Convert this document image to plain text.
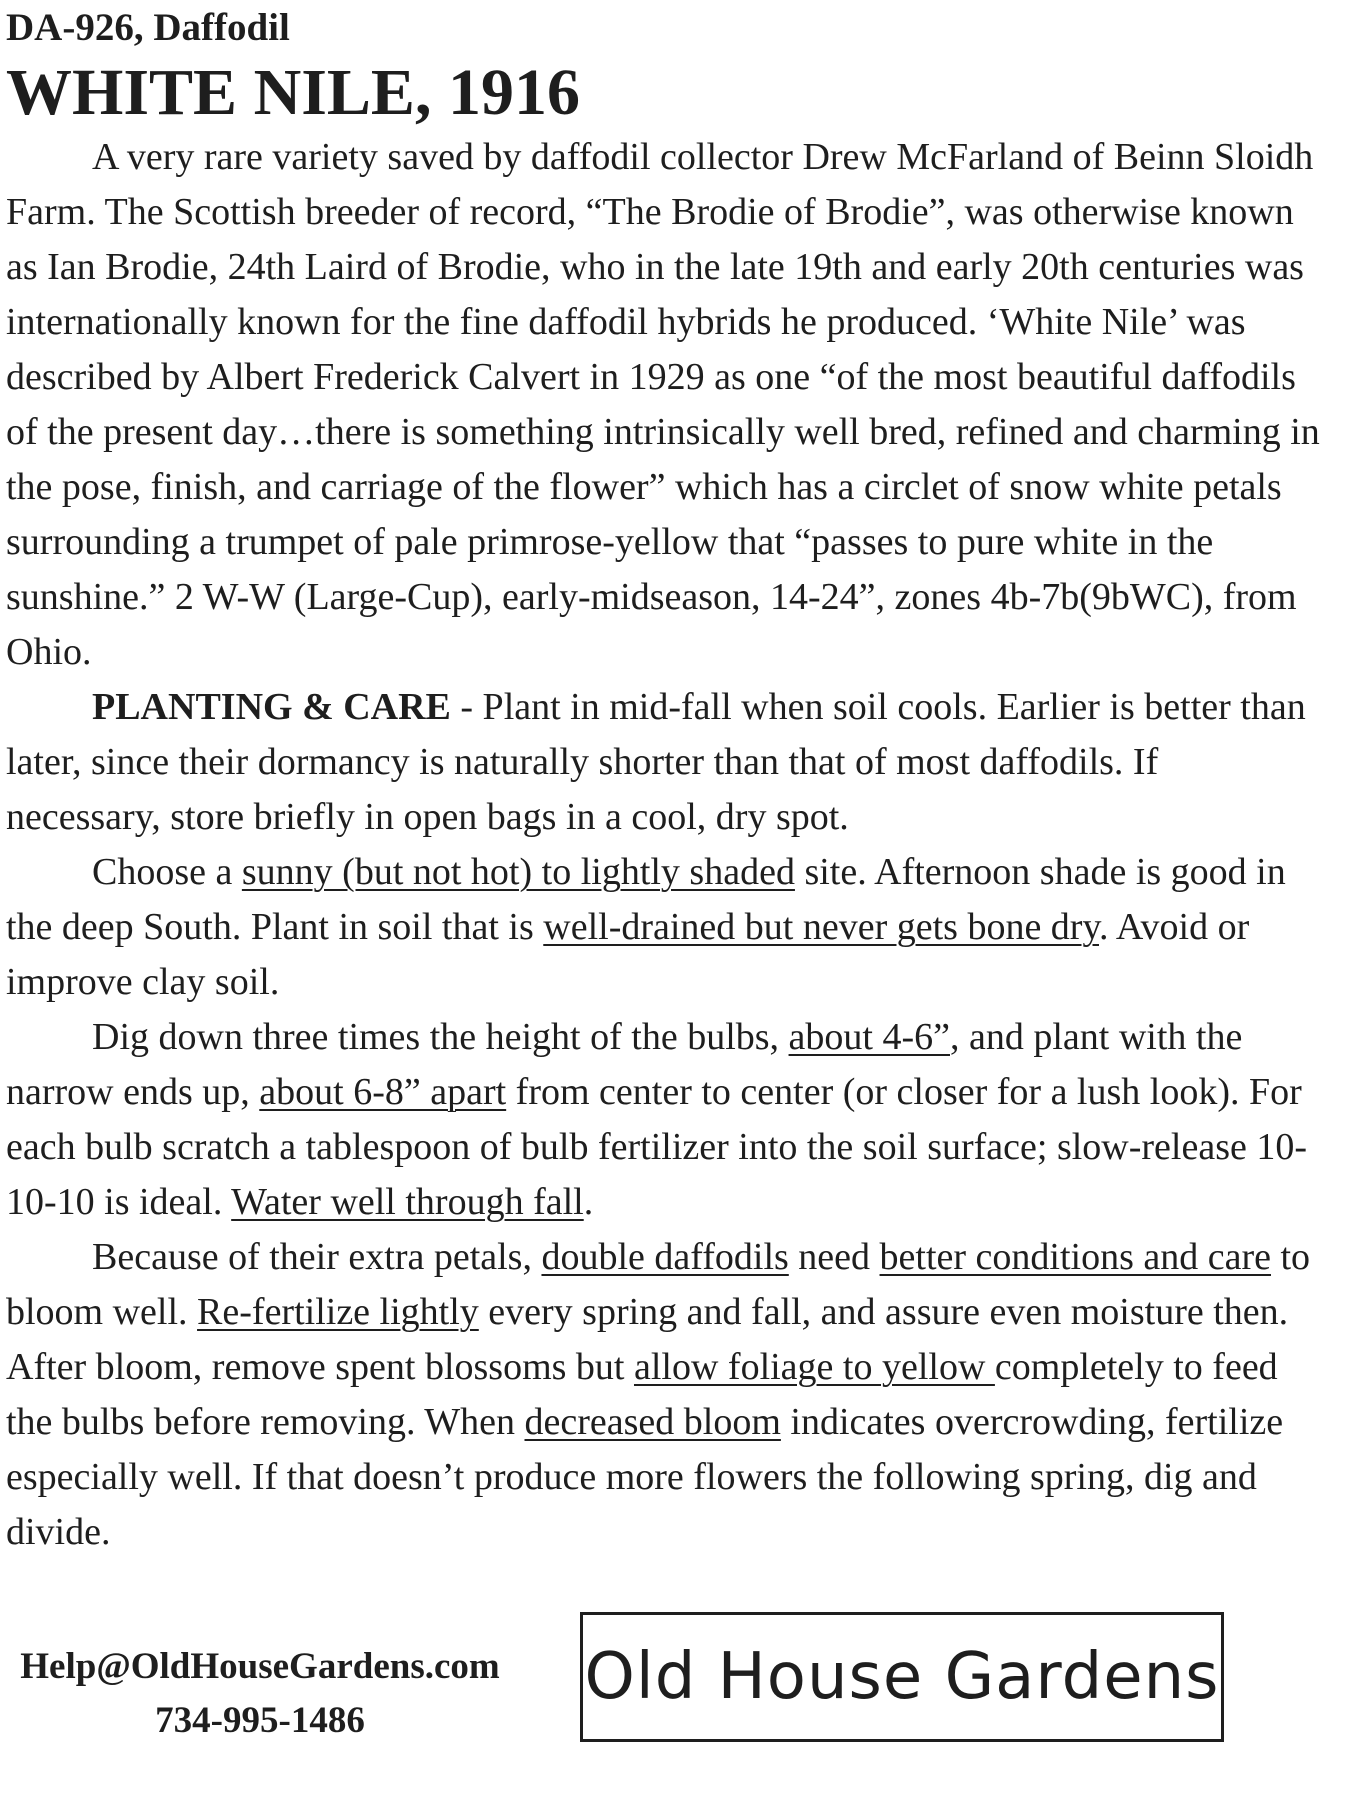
DA-926, Daffodil
WHITE NILE, 1916

A very rare variety saved by daffodil collector Drew McFarland of Beinn Sloidh Farm. The Scottish breeder of record, “The Brodie of Brodie”, was otherwise known as Ian Brodie, 24th Laird of Brodie, who in the late 19th and early 20th centuries was internationally known for the fine daffodil hybrids he produced. ‘White Nile’ was described by Albert Frederick Calvert in 1929 as one “of the most beautiful daffodils of the present day…there is something intrinsically well bred, refined and charming in the pose, finish, and carriage of the flower” which has a circlet of snow white petals surrounding a trumpet of pale primrose-yellow that “passes to pure white in the sunshine.” 2 W-W (Large-Cup), early-midseason, 14-24”, zones 4b-7b(9bWC), from Ohio.

PLANTING & CARE - Plant in mid-fall when soil cools. Earlier is better than later, since their dormancy is naturally shorter than that of most daffodils. If necessary, store briefly in open bags in a cool, dry spot.

Choose a sunny (but not hot) to lightly shaded site. Afternoon shade is good in the deep South. Plant in soil that is well-drained but never gets bone dry. Avoid or improve clay soil.

Dig down three times the height of the bulbs, about 4-6”, and plant with the narrow ends up, about 6-8” apart from center to center (or closer for a lush look). For each bulb scratch a tablespoon of bulb fertilizer into the soil surface; slow-release 10-10-10 is ideal. Water well through fall.

Because of their extra petals, double daffodils need better conditions and care to bloom well. Re-fertilize lightly every spring and fall, and assure even moisture then. After bloom, remove spent blossoms but allow foliage to yellow completely to feed the bulbs before removing. When decreased bloom indicates overcrowding, fertilize especially well. If that doesn’t produce more flowers the following spring, dig and divide.

Help@OldHouseGardens.com
734-995-1486
Old House Gardens
